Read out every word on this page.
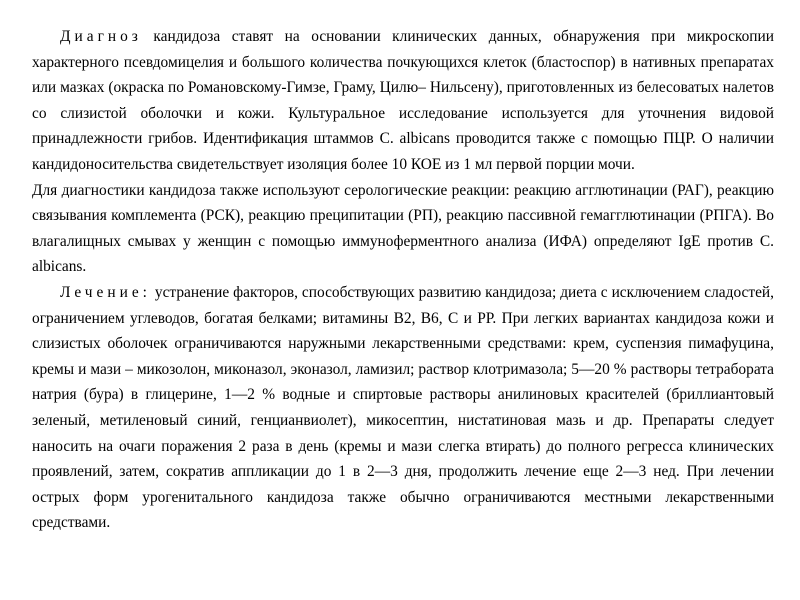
Диагноз кандидоза ставят на основании клинических данных, обнаружения при микроскопии характерного псевдомицелия и большого количества почкующихся клеток (бластоспор) в нативных препаратах или мазках (окраска по Романовскому-Гимзе, Граму, Цилю– Нильсену), приготовленных из белесоватых налетов со слизистой оболочки и кожи. Культуральное исследование используется для уточнения видовой принадлежности грибов. Идентификация штаммов C. albicans проводится также с помощью ПЦР. О наличии кандидоносительства свидетельствует изоляция более 10 КОЕ из 1 мл первой порции мочи.

Для диагностики кандидоза также используют серологические реакции: реакцию агглютинации (РАГ), реакцию связывания комплемента (РСК), реакцию преципитации (РП), реакцию пассивной гемагглютинации (РПГА). Во влагалищных смывах у женщин с помощью иммуноферментного анализа (ИФА) определяют IgE против C. albicans.

Лечение: устранение факторов, способствующих развитию кандидоза; диета с исключением сладостей, ограничением углеводов, богатая белками; витамины В2, В6, С и РР. При легких вариантах кандидоза кожи и слизистых оболочек ограничиваются наружными лекарственными средствами: крем, суспензия пимафуцина, кремы и мази – микозолон, миконазол, эконазол, ламизил; раствор клотримазола; 5—20 % растворы тетрабората натрия (бура) в глицерине, 1—2 % водные и спиртовые растворы анилиновых красителей (бриллиантовый зеленый, метиленовый синий, генцианвиолет), микосептин, нистатиновая мазь и др. Препараты следует наносить на очаги поражения 2 раза в день (кремы и мази слегка втирать) до полного регресса клинических проявлений, затем, сократив аппликации до 1 в 2—3 дня, продолжить лечение еще 2—3 нед. При лечении острых форм урогенитального кандидоза также обычно ограничиваются местными лекарственными средствами.
